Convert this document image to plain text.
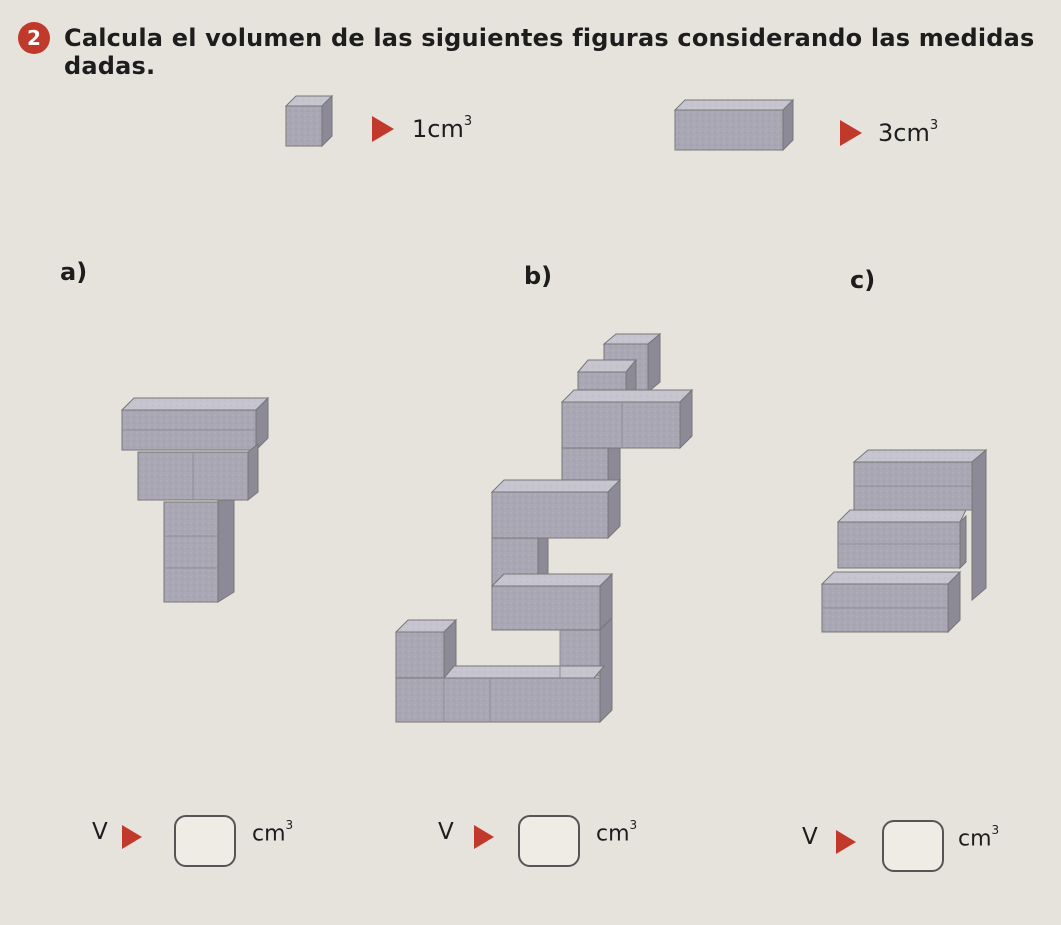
2 Calcula el volumen de las siguientes figuras considerando las medidas dadas.
$1cm^3$	$3cm^3$
a)	b)	c)
V	$cm^3$	V	$cm^3$	V	$cm^3$
